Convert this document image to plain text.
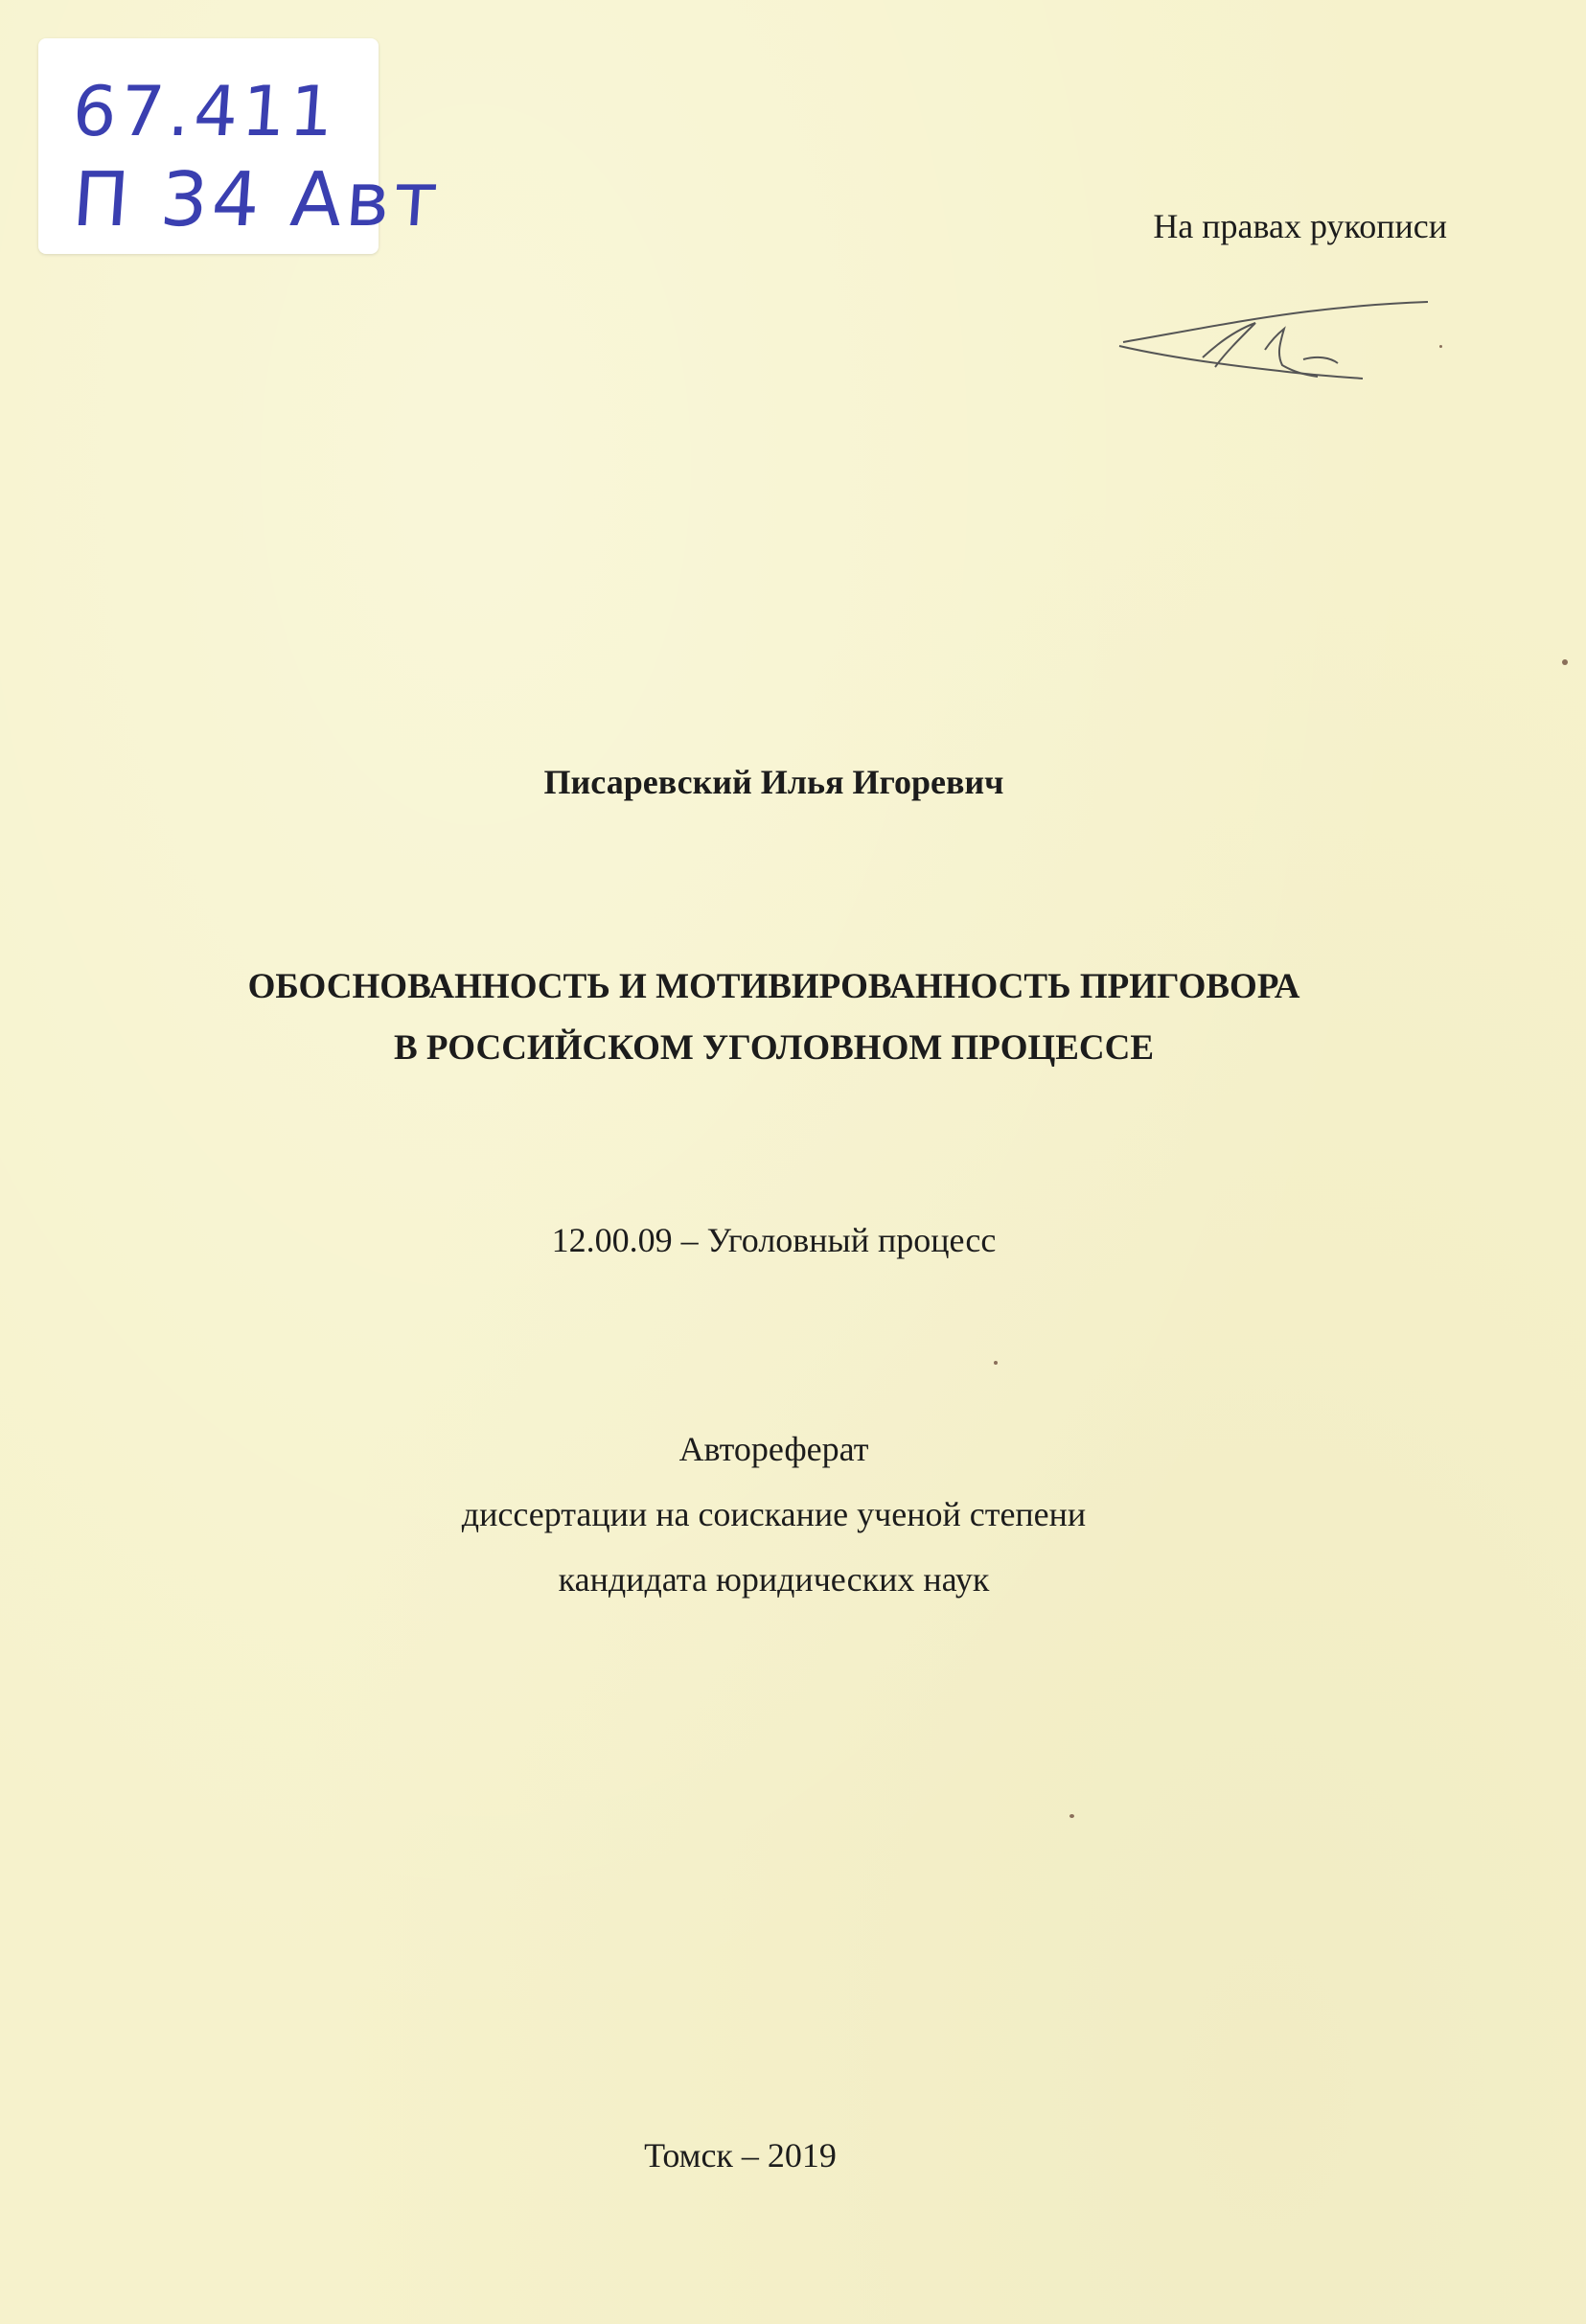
67.411
П 34 Авт	На правах рукописи
Писаревский Илья Игоревич
ОБОСНОВАННОСТЬ И МОТИВИРОВАННОСТЬ ПРИГОВОРА
В РОССИЙСКОМ УГОЛОВНОМ ПРОЦЕССЕ
12.00.09 – Уголовный процесс
Автореферат
диссертации на соискание ученой степени
кандидата юридических наук
Томск – 2019
